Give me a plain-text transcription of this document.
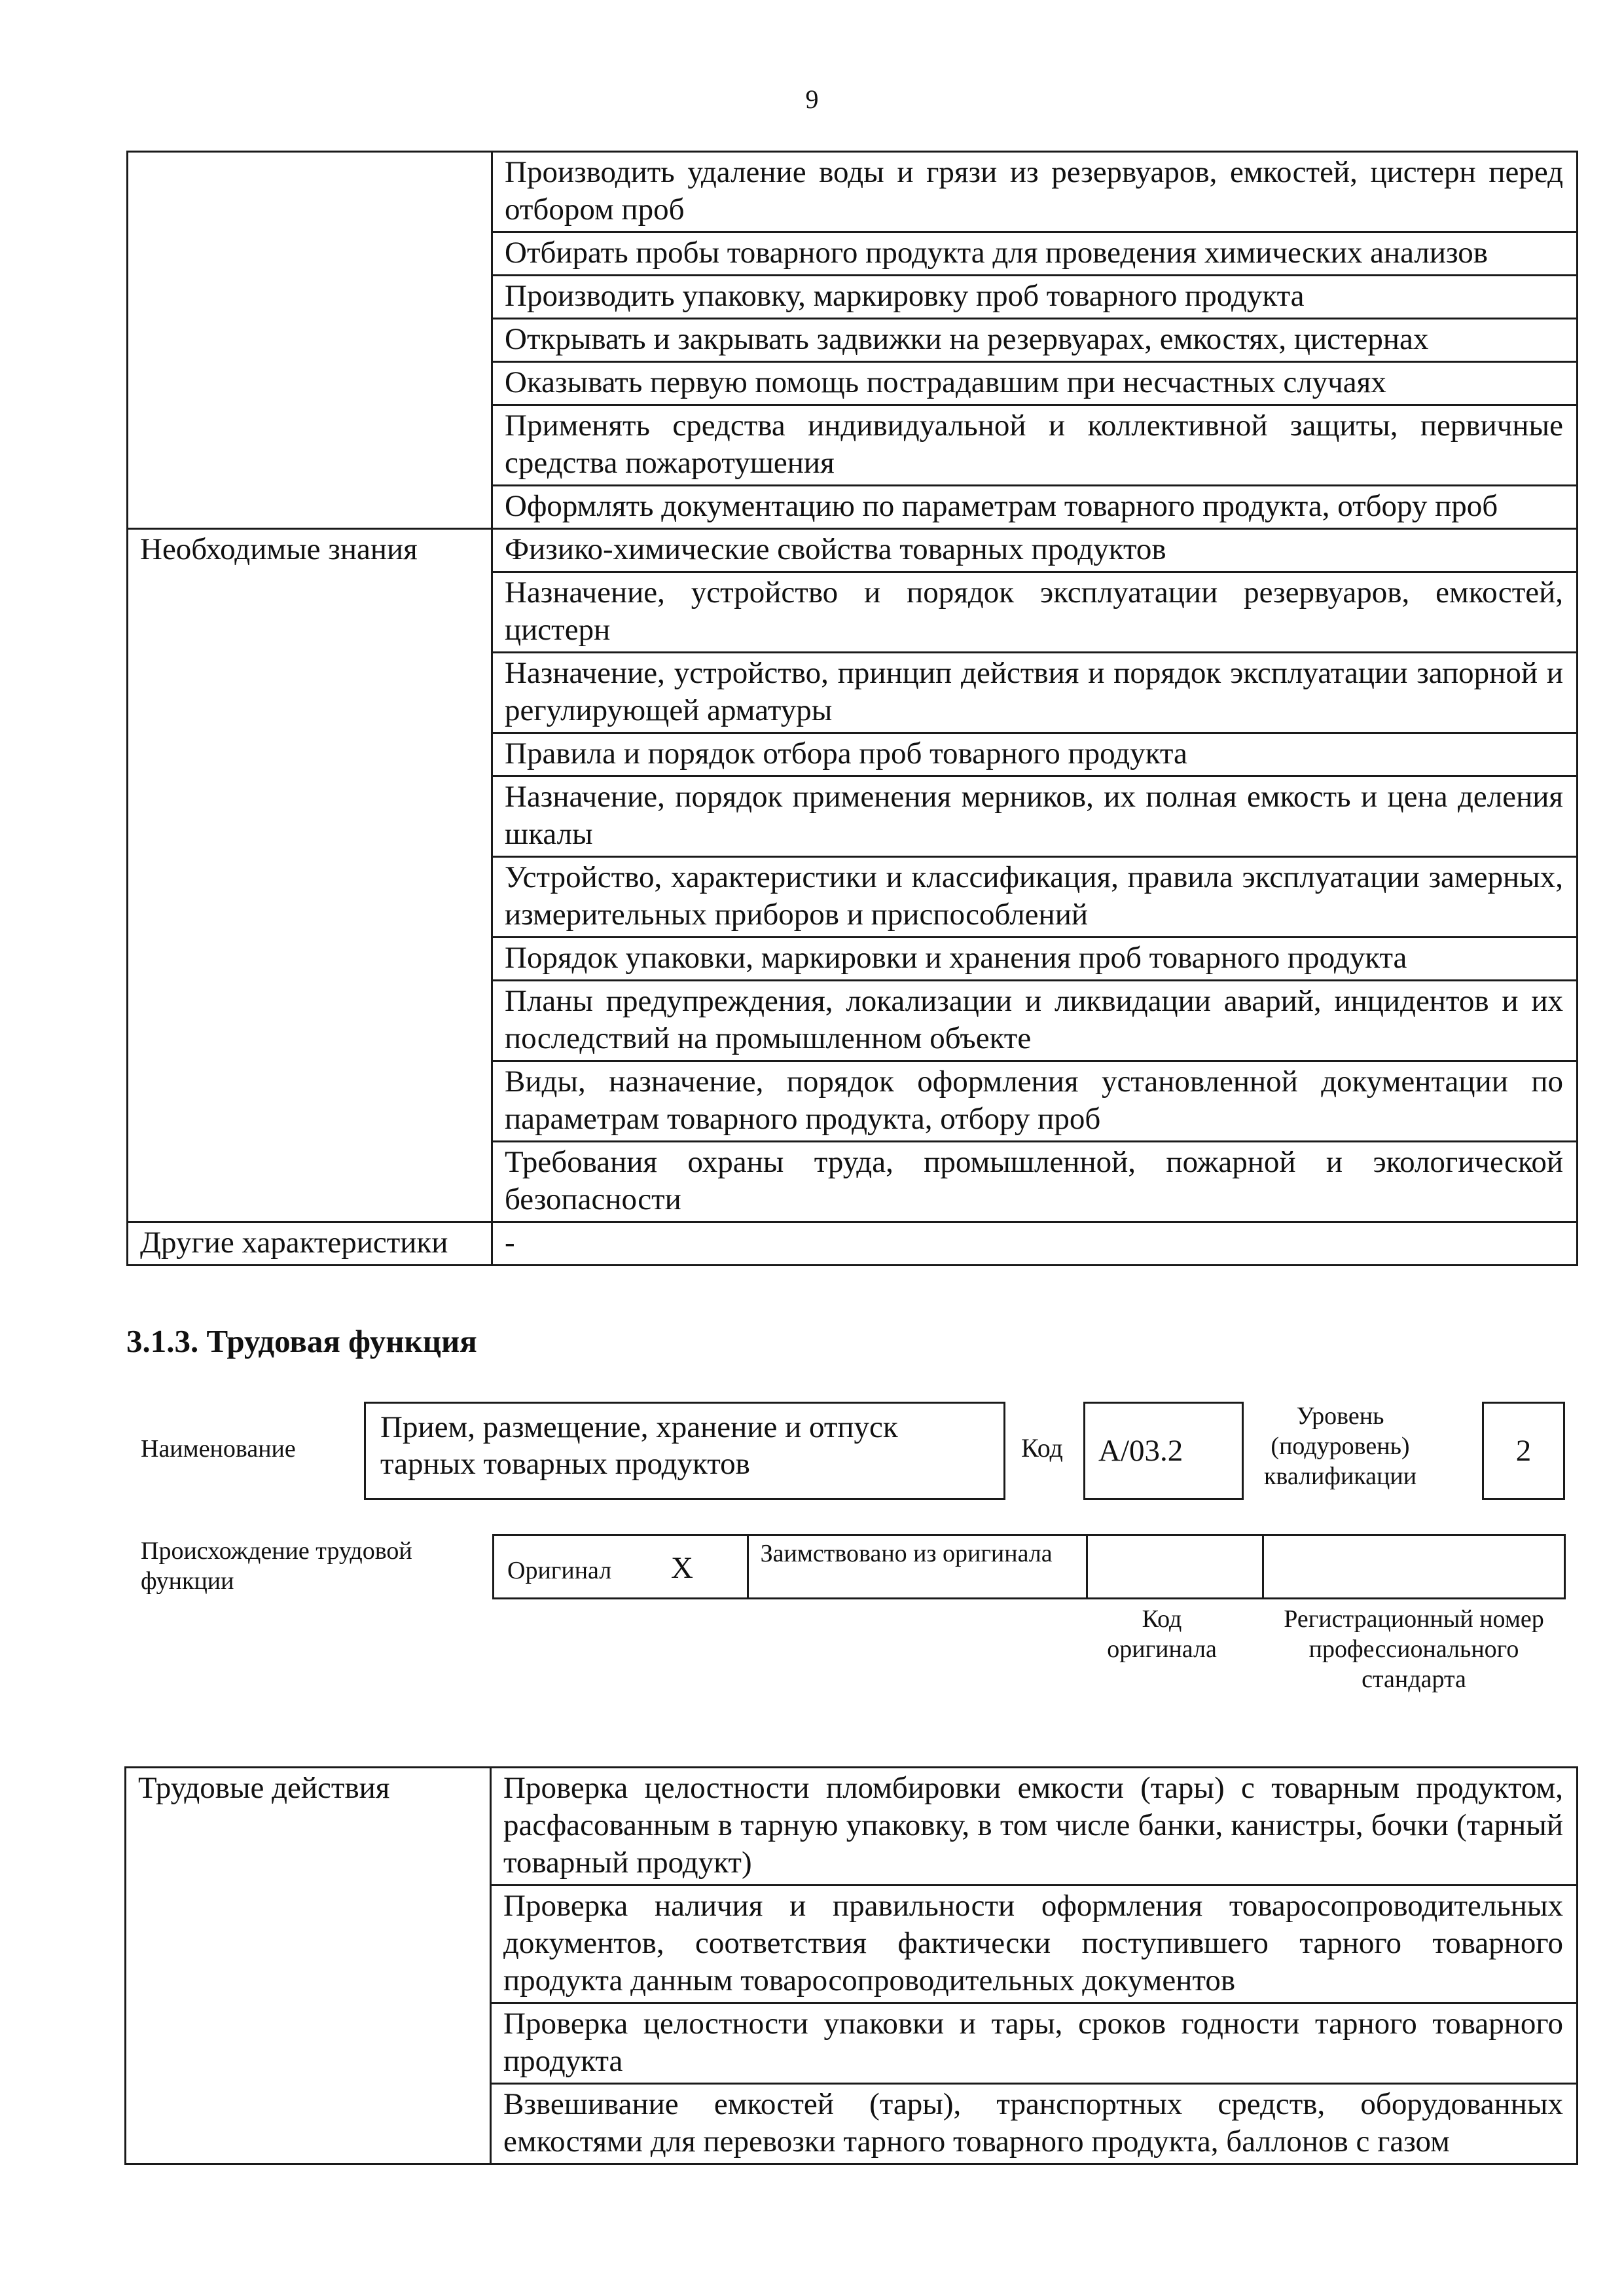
9
	Производить удаление воды и грязи из резервуаров, емкостей, цистерн перед отбором проб
	Отбирать пробы товарного продукта для проведения химических анализов
	Производить упаковку, маркировку проб товарного продукта
	Открывать и закрывать задвижки на резервуарах, емкостях, цистернах
	Оказывать первую помощь пострадавшим при несчастных случаях
	Применять средства индивидуальной и коллективной защиты, первичные средства пожаротушения
	Оформлять документацию по параметрам товарного продукта, отбору проб
Необходимые знания	Физико-химические свойства товарных продуктов
	Назначение, устройство и порядок эксплуатации резервуаров, емкостей, цистерн
	Назначение, устройство, принцип действия и порядок эксплуатации запорной и регулирующей арматуры
	Правила и порядок отбора проб товарного продукта
	Назначение, порядок применения мерников, их полная емкость и цена деления шкалы
	Устройство, характеристики и классификация, правила эксплуатации замерных, измерительных приборов и приспособлений
	Порядок упаковки, маркировки и хранения проб товарного продукта
	Планы предупреждения, локализации и ликвидации аварий, инцидентов и их последствий на промышленном объекте
	Виды, назначение, порядок оформления установленной документации по параметрам товарного продукта, отбору проб
	Требования охраны труда, промышленной, пожарной и экологической безопасности
Другие характеристики	-
3.1.3. Трудовая функция
Наименование
Прием, размещение, хранение и отпуск тарных товарных продуктов	Код	A/03.2
Уровень (подуровень) квалификации
2
Происхождение трудовой функции	Оригинал X	Заимствовано из оригинала
Код оригинала
Регистрационный номер профессионального стандарта
Трудовые действия	Проверка целостности пломбировки емкости (тары) с товарным продуктом, расфасованным в тарную упаковку, в том числе банки, канистры, бочки (тарный товарный продукт)
Проверка наличия и правильности оформления товаросопроводительных документов, соответствия фактически поступившего тарного товарного продукта данным товаросопроводительных документов
Проверка целостности упаковки и тары, сроков годности тарного товарного продукта
Взвешивание емкостей (тары), транспортных средств, оборудованных емкостями для перевозки тарного товарного продукта, баллонов с газом
